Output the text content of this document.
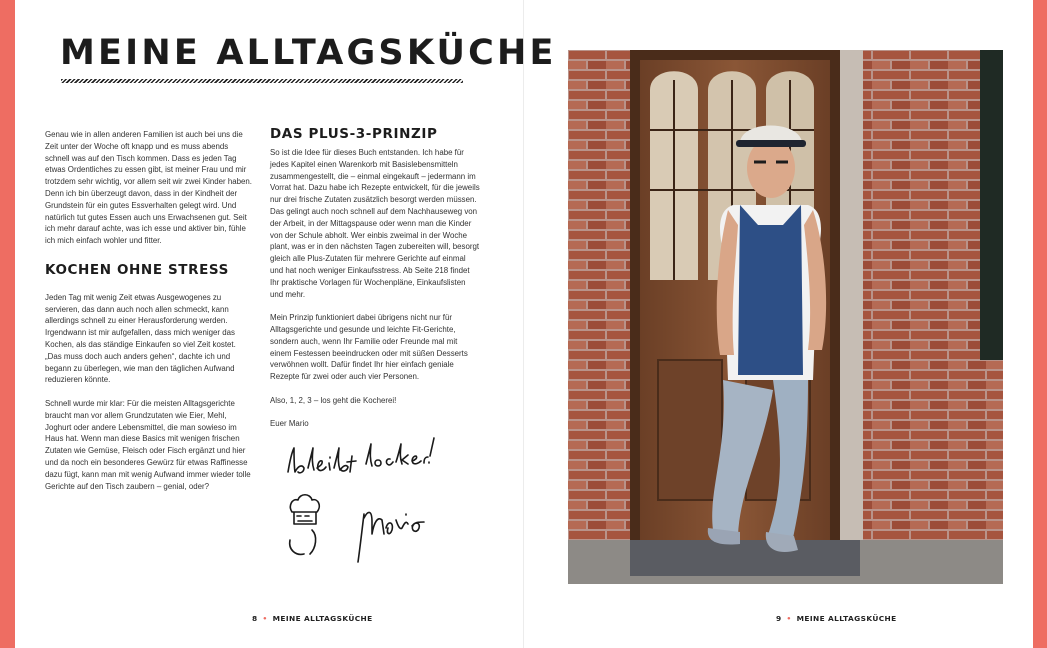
MEINE ALLTAGSKÜCHE

Genau wie in allen anderen Familien ist auch bei uns die Zeit unter der Woche oft knapp und es muss abends schnell was auf den Tisch kommen. Dass es jeden Tag etwas Ordentliches zu essen gibt, ist meiner Frau und mir trotzdem sehr wichtig, vor allem seit wir zwei Kinder haben. Denn ich bin überzeugt davon, dass in der Kindheit der Grundstein für ein gutes Essverhalten gelegt wird. Und natürlich tut gutes Essen auch uns Erwachsenen gut. Seit ich mehr darauf achte, was ich esse und aktiver bin, fühle ich mich einfach wohler und fitter.

Jeden Tag mit wenig Zeit etwas Ausgewogenes zu servieren, das dann auch noch allen schmeckt, kann allerdings schnell zu einer Herausforderung werden. Irgendwann ist mir aufgefallen, dass mich weniger das Kochen, als das ständige Einkaufen so viel Zeit kostet. „Das muss doch auch anders gehen“, dachte ich und begann zu überlegen, wie man den täglichen Aufwand reduzieren könnte.

Schnell wurde mir klar: Für die meisten Alltagsgerichte braucht man vor allem Grundzutaten wie Eier, Mehl, Joghurt oder andere Lebensmittel, die man sowieso im Haus hat. Wenn man diese Basics mit wenigen frischen Zutaten wie Gemüse, Fleisch oder Fisch ergänzt und hier und da noch ein besonderes Gewürz für etwas Raffinesse dazu fügt, kann man mit wenig Aufwand immer wieder tolle Gerichte auf den Tisch zaubern – genial, oder?

KOCHEN OHNE STRESS
DAS PLUS-3-PRINZIP

So ist die Idee für dieses Buch entstanden. Ich habe für jedes Kapitel einen Warenkorb mit Basislebensmitteln zusammengestellt, die – einmal eingekauft – jedermann im Vorrat hat. Dazu habe ich Rezepte entwickelt, für die jeweils nur drei frische Zutaten zusätzlich besorgt werden müssen. Das gelingt auch noch schnell auf dem Nachhauseweg von der Arbeit, in der Mittagspause oder wenn man die Kinder von der Schule abholt. Wer einbis zweimal in der Woche plant, was er in den nächsten Tagen zubereiten will, besorgt gleich alle Plus-Zutaten für mehrere Gerichte auf einmal und hat noch weniger Einkaufsstress. Ab Seite 218 findet Ihr praktische Vorlagen für Wochenpläne, Einkaufslisten und mehr.

Mein Prinzip funktioniert dabei übrigens nicht nur für Alltagsgerichte und gesunde und leichte Fit-Gerichte, sondern auch, wenn Ihr Familie oder Freunde mal mit einem Festessen beeindrucken oder mit süßen Desserts verwöhnen wollt. Dafür findet Ihr hier einfach geniale Rezepte für zwei oder auch vier Personen.

Also, 1, 2, 3 – los geht die Kocherei!

Euer Mario

8 • MEINE ALLTAGSKÜCHE	9 • MEINE ALLTAGSKÜCHE
